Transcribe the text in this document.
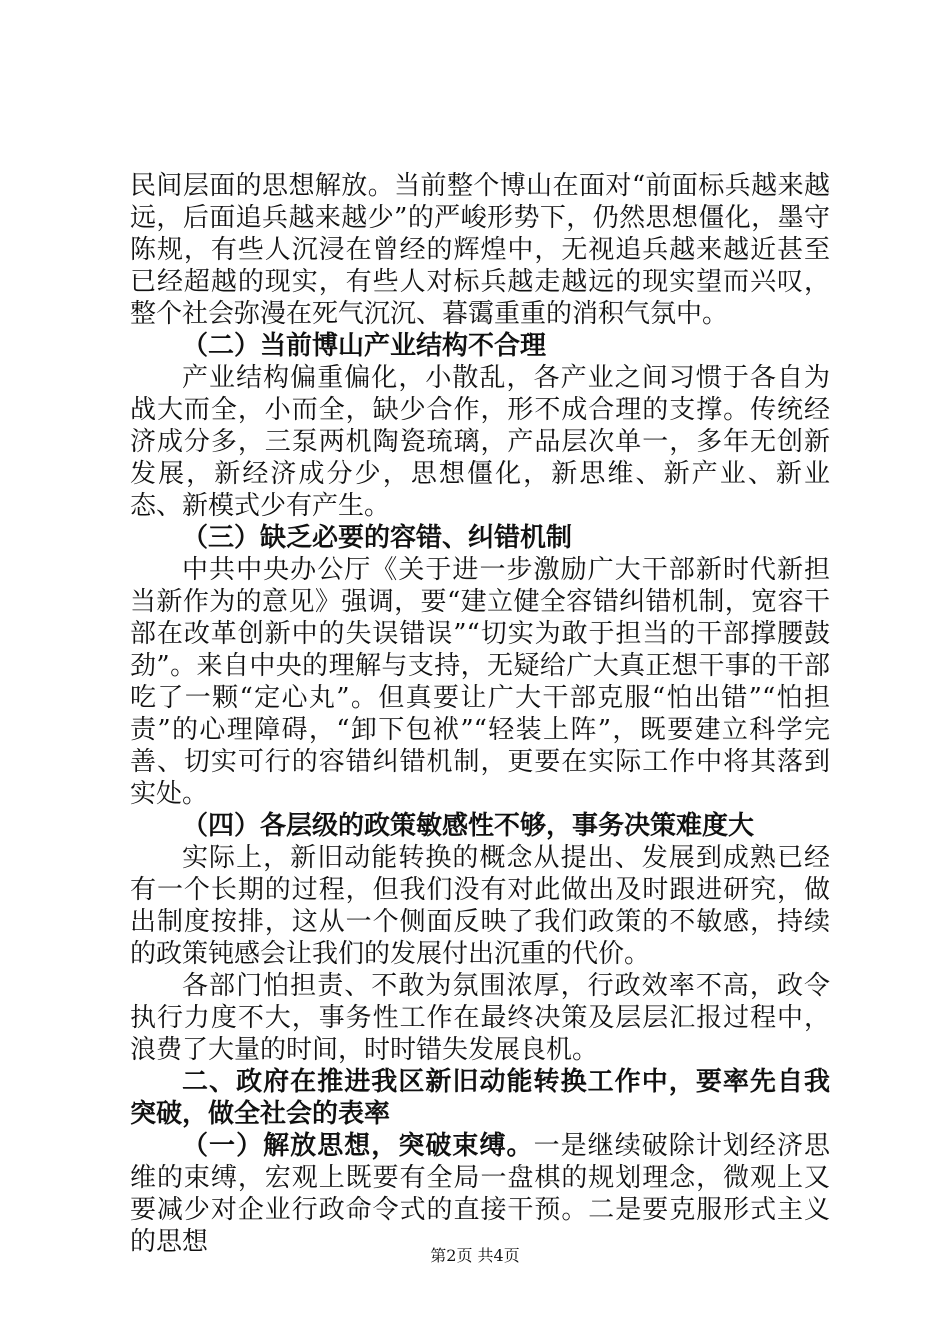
民间层面的思想解放。当前整个博山在面对“前面标兵越来越远，后面追兵越来越少”的严峻形势下，仍然思想僵化，墨守陈规，有些人沉浸在曾经的辉煌中，无视追兵越来越近甚至已经超越的现实，有些人对标兵越走越远的现实望而兴叹，整个社会弥漫在死气沉沉、暮霭重重的消积气氛中。

（二）当前博山产业结构不合理

产业结构偏重偏化，小散乱，各产业之间习惯于各自为战大而全，小而全，缺少合作，形不成合理的支撑。传统经济成分多，三泵两机陶瓷琉璃，产品层次单一，多年无创新发展，新经济成分少，思想僵化，新思维、新产业、新业态、新模式少有产生。

（三）缺乏必要的容错、纠错机制

中共中央办公厅《关于进一步激励广大干部新时代新担当新作为的意见》强调，要“建立健全容错纠错机制，宽容干部在改革创新中的失误错误”“切实为敢于担当的干部撑腰鼓劲”。来自中央的理解与支持，无疑给广大真正想干事的干部吃了一颗“定心丸”。但真要让广大干部克服“怕出错”“怕担责”的心理障碍，“卸下包袱”“轻装上阵”，既要建立科学完善、切实可行的容错纠错机制，更要在实际工作中将其落到实处。

（四）各层级的政策敏感性不够，事务决策难度大

实际上，新旧动能转换的概念从提出、发展到成熟已经有一个长期的过程，但我们没有对此做出及时跟进研究，做出制度按排，这从一个侧面反映了我们政策的不敏感，持续的政策钝感会让我们的发展付出沉重的代价。

各部门怕担责、不敢为氛围浓厚，行政效率不高，政令执行力度不大，事务性工作在最终决策及层层汇报过程中，浪费了大量的时间，时时错失发展良机。

二、政府在推进我区新旧动能转换工作中，要率先自我突破，做全社会的表率

（一）解放思想，突破束缚。一是继续破除计划经济思维的束缚，宏观上既要有全局一盘棋的规划理念，微观上又要减少对企业行政命令式的直接干预。二是要克服形式主义的思想	第2页 共4页
